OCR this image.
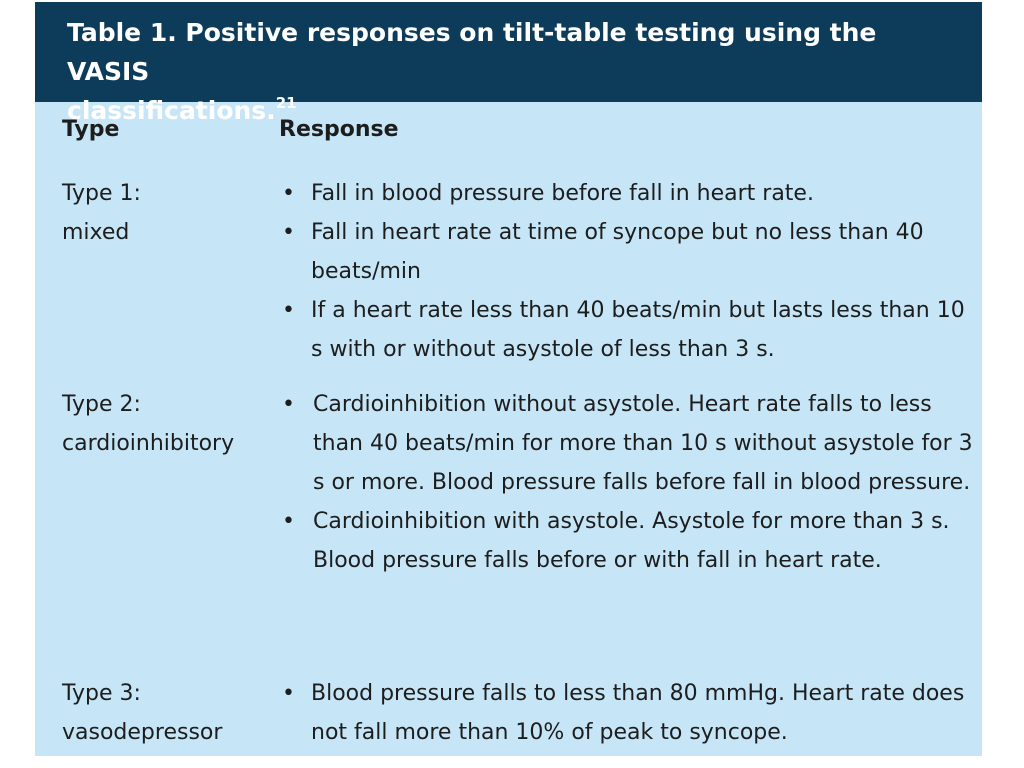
Table 1. Positive responses on tilt-table testing using the VASIS
classifications.$^{21}$
Type	Response
Type 1:
mixed
• Fall in blood pressure before fall in heart rate.
• Fall in heart rate at time of syncope but no less than 40 beats/min
• If a heart rate less than 40 beats/min but lasts less than 10 s with or without asystole of less than 3 s.
Type 2:
cardioinhibitory
• Cardioinhibition without asystole. Heart rate falls to less than 40 beats/min for more than 10 s without asystole for 3 s or more. Blood pressure falls before fall in blood pressure.
• Cardioinhibition with asystole. Asystole for more than 3 s. Blood pressure falls before or with fall in heart rate.
Type 3:
vasodepressor
• Blood pressure falls to less than 80 mmHg. Heart rate does not fall more than 10% of peak to syncope.
